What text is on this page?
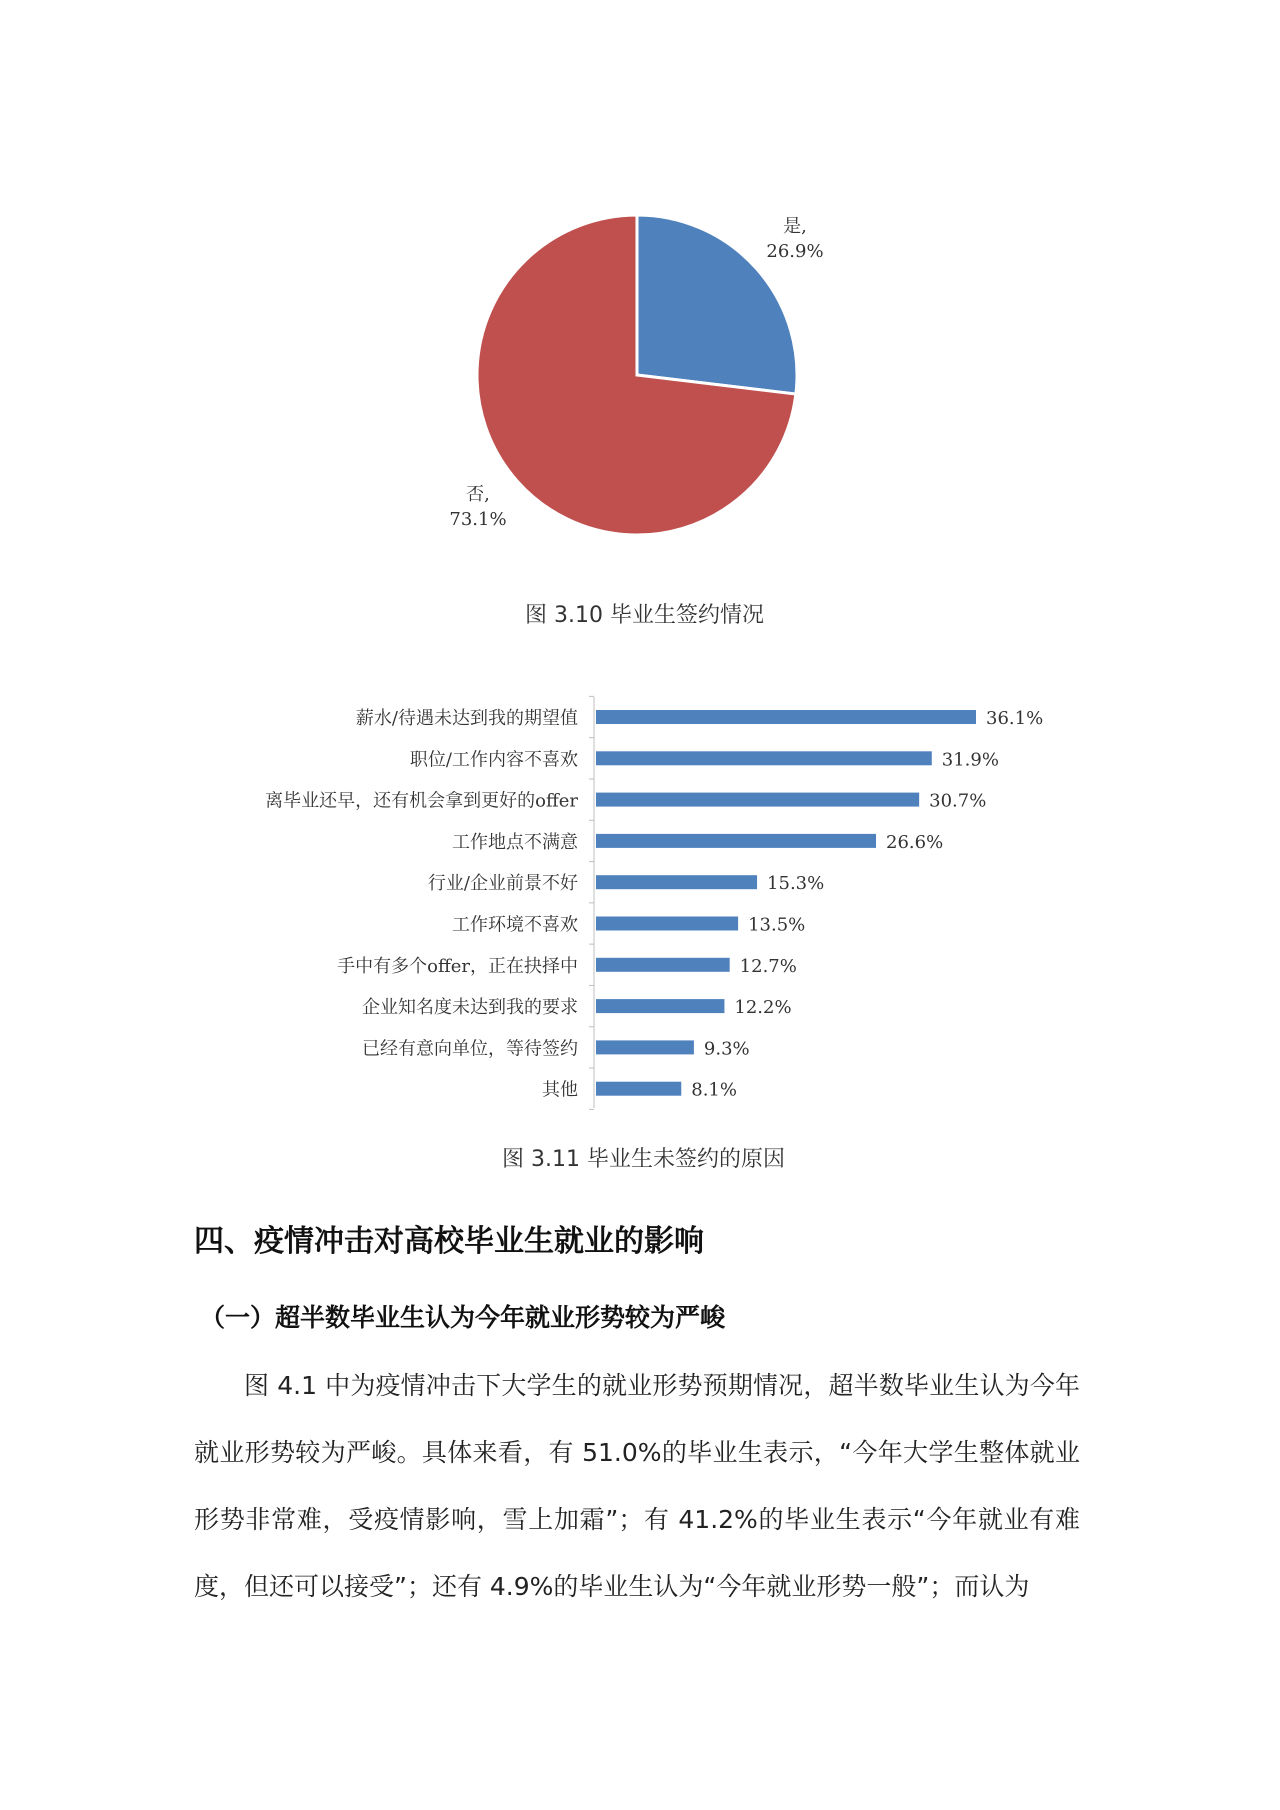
是,
26.9%
否,
73.1%
图 3.10 毕业生签约情况
薪水/待遇未达到我的期望值	36.1%
职位/工作内容不喜欢	31.9%
离毕业还早，还有机会拿到更好的offer	30.7%
工作地点不满意	26.6%
行业/企业前景不好	15.3%
工作环境不喜欢	13.5%
手中有多个offer，正在抉择中	12.7%
企业知名度未达到我的要求	12.2%
已经有意向单位，等待签约	9.3%
其他	8.1%
图 3.11 毕业生未签约的原因
四、疫情冲击对高校毕业生就业的影响
（一）超半数毕业生认为今年就业形势较为严峻
图 4.1 中为疫情冲击下大学生的就业形势预期情况，超半数毕业生认为今年就业形势较为严峻。具体来看，有 51.0%的毕业生表示，“今年大学生整体就业形势非常难，受疫情影响，雪上加霜”；有 41.2%的毕业生表示“今年就业有难度，但还可以接受”；还有 4.9%的毕业生认为“今年就业形势一般”；而认为
